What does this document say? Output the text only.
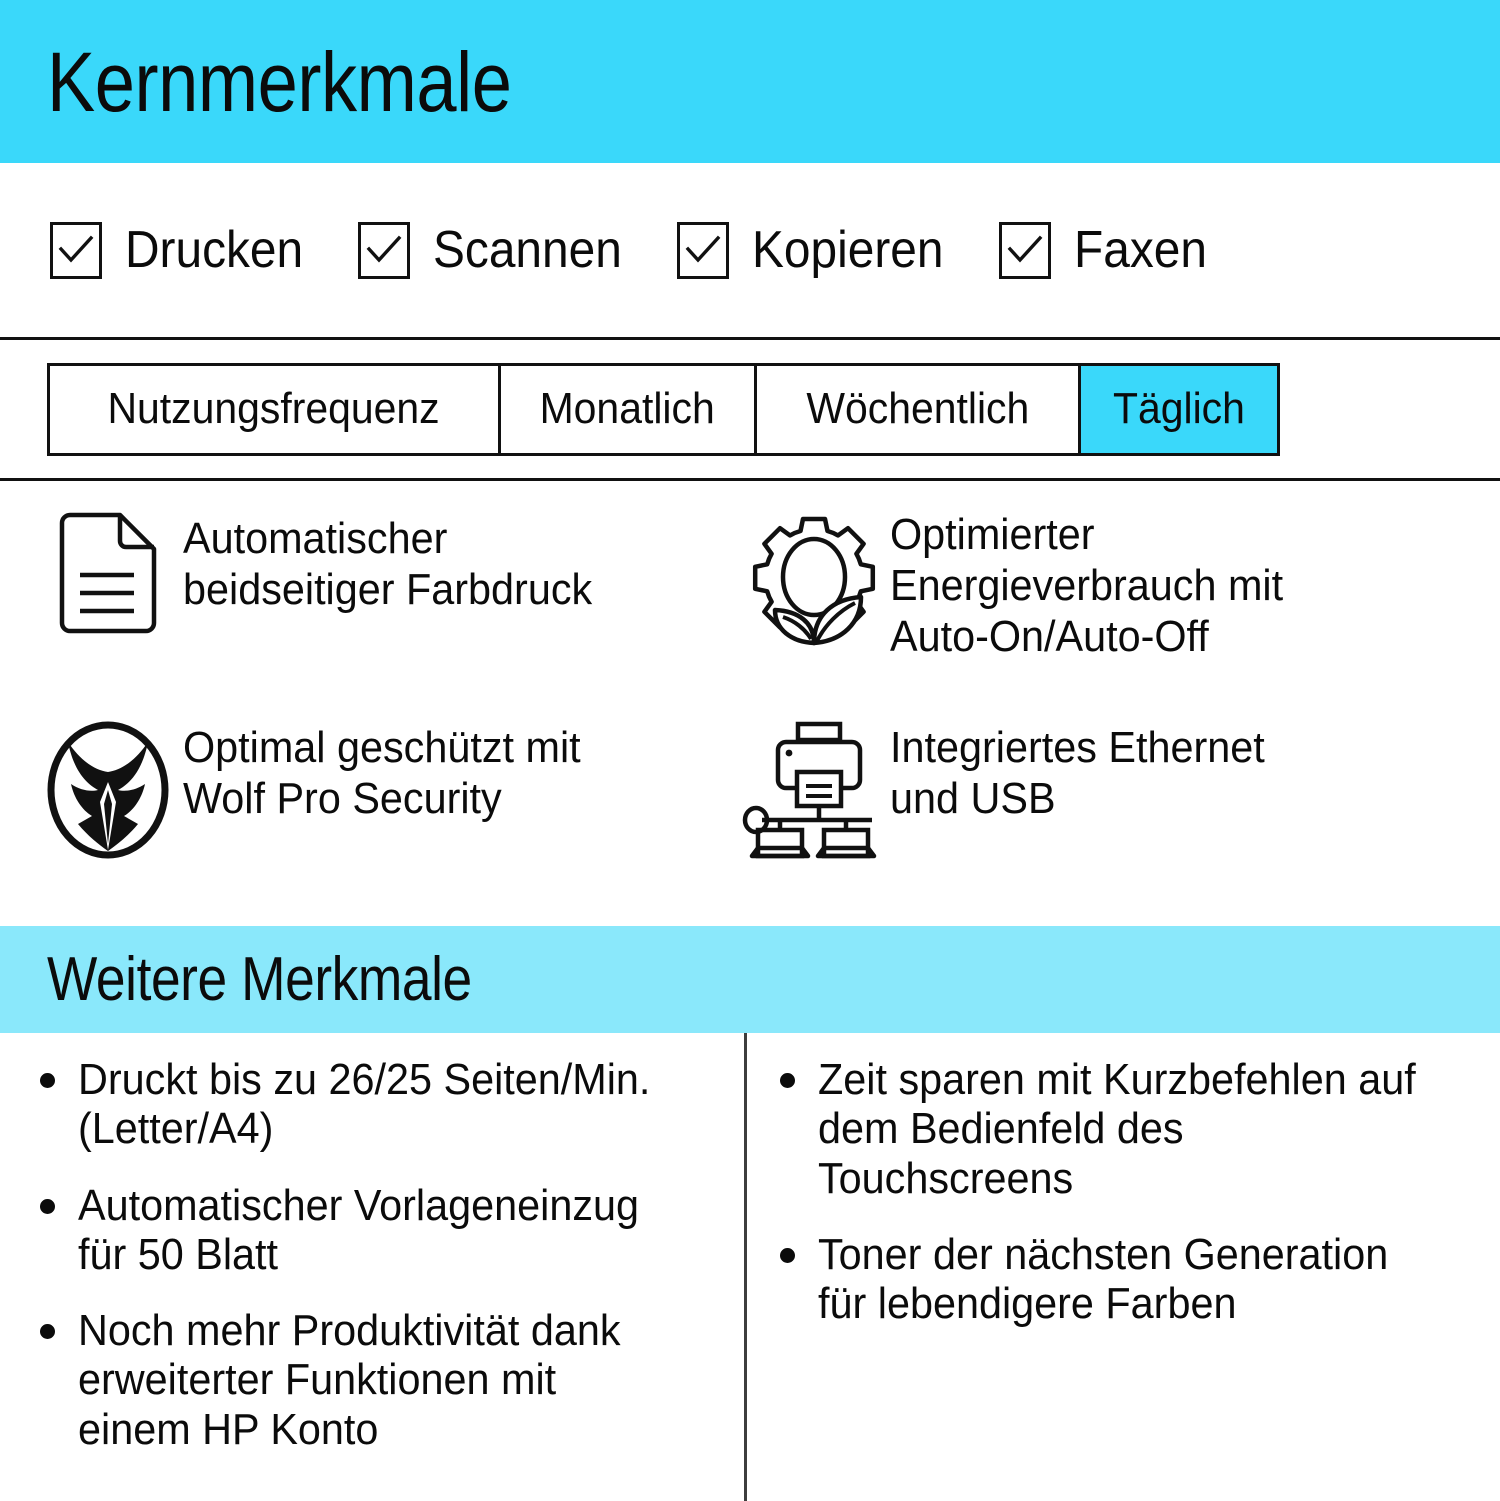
Kernmerkmale
Drucken Scannen	Kopieren	Faxen
Nutzungsfrequenz Monatlich Wöchentlich Täglich
Automatischer
beidseitiger Farbdruck
Optimierter
Energieverbrauch mit
Auto-On/Auto-Off
Optimal geschützt mit
Wolf Pro Security
Integriertes Ethernet
und USB
Weitere Merkmale
Druckt bis zu 26/25 Seiten/Min. (Letter/A4)
Automatischer Vorlageneinzug für 50 Blatt
Noch mehr Produktivität dank erweiterter Funktionen mit einem HP Konto
Zeit sparen mit Kurzbefehlen auf dem Bedienfeld des Touchscreens
Toner der nächsten Generation für lebendigere Farben
